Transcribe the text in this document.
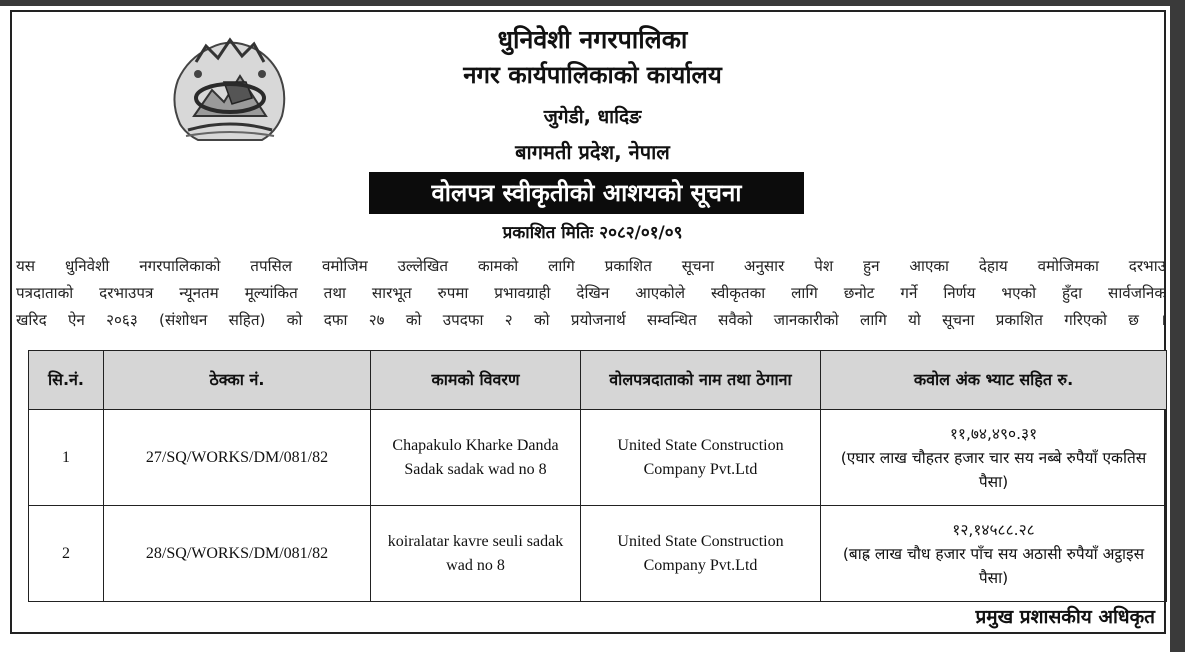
धुनिवेशी नगरपालिका
नगर कार्यपालिकाको कार्यालय
जुगेडी, धादिङ
बागमती प्रदेश, नेपाल
वोलपत्र स्वीकृतीको आशयको सूचना
प्रकाशित मितिः २०८२/०१/०९
यस धुनिवेशी नगरपालिकाको तपसिल वमोजिम उल्लेखित कामको लागि प्रकाशित सूचना अनुसार पेश हुन आएका देहाय वमोजिमका दरभाउ
पत्रदाताको दरभाउपत्र न्यूनतम मूल्यांकित तथा सारभूत रुपमा प्रभावग्राही देखिन आएकोले स्वीकृतका लागि छनोट गर्ने निर्णय भएको हुँदा सार्वजनिक
खरिद ऐन २०६३ (संशोधन सहित) को दफा २७ को उपदफा २ को प्रयोजनार्थ सम्वन्धित सवैको जानकारीको लागि यो सूचना प्रकाशित गरिएको छ ।
सि.नं.	ठेक्का नं.	कामको विवरण	वोलपत्रदाताको नाम तथा ठेगाना	कवोल अंक भ्याट सहित रु.
1	27/SQ/WORKS/DM/081/82	Chapakulo Kharke Danda Sadak sadak wad no 8	United State Construction Company Pvt.Ltd	११,७४,४९०.३१
(एघार लाख चौहतर हजार चार सय नब्बे रुपैयाँ एकतिस पैसा)

2	28/SQ/WORKS/DM/081/82	koiralatar kavre seuli sadak wad no 8	United State Construction Company Pvt.Ltd	१२,१४५८८.२८
(बाह्र लाख चौध हजार पाँच सय अठासी रुपैयाँ अट्ठाइस पैसा)
प्रमुख प्रशासकीय अधिकृत
